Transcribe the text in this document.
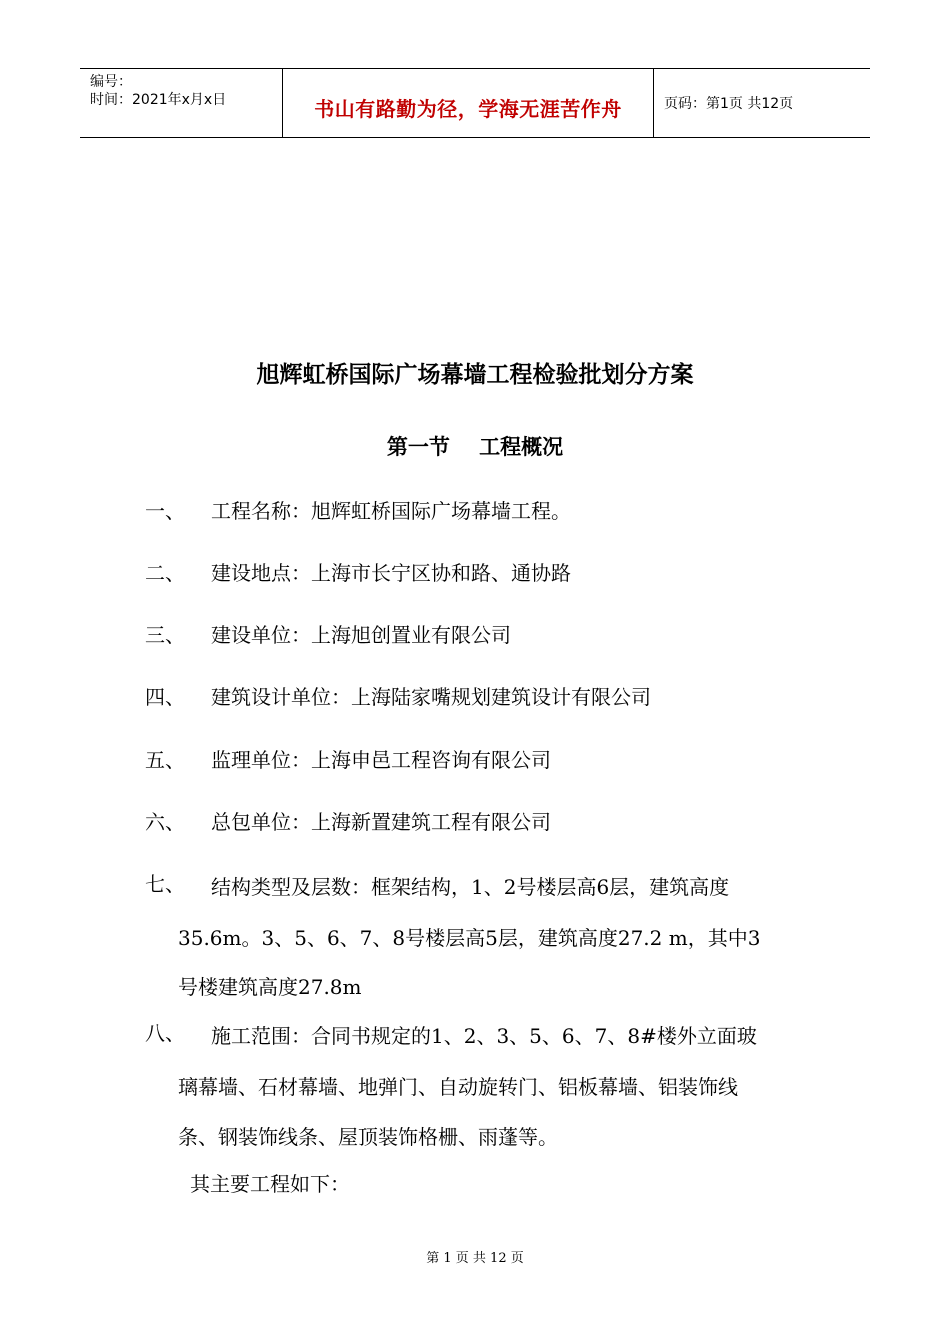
编号：
时间：2021年x月x日	书山有路勤为径，学海无涯苦作舟	页码：第1页 共12页
旭辉虹桥国际广场幕墙工程检验批划分方案
第一节    工程概况
一、 工程名称：旭辉虹桥国际广场幕墙工程。
二、 建设地点：上海市长宁区协和路、通协路
三、 建设单位：上海旭创置业有限公司
四、 建筑设计单位：上海陆家嘴规划建筑设计有限公司
五、 监理单位：上海申邑工程咨询有限公司
六、 总包单位：上海新置建筑工程有限公司
七、 结构类型及层数：框架结构，1、2号楼层高6层，建筑高度
35.6m。3、5、6、7、8号楼层高5层，建筑高度27.2 m，其中3
号楼建筑高度27.8m
八、 施工范围：合同书规定的1、2、3、5、6、7、8#楼外立面玻
璃幕墙、石材幕墙、地弹门、自动旋转门、铝板幕墙、铝装饰线
条、钢装饰线条、屋顶装饰格栅、雨蓬等。
其主要工程如下：
第 1 页 共 12 页
